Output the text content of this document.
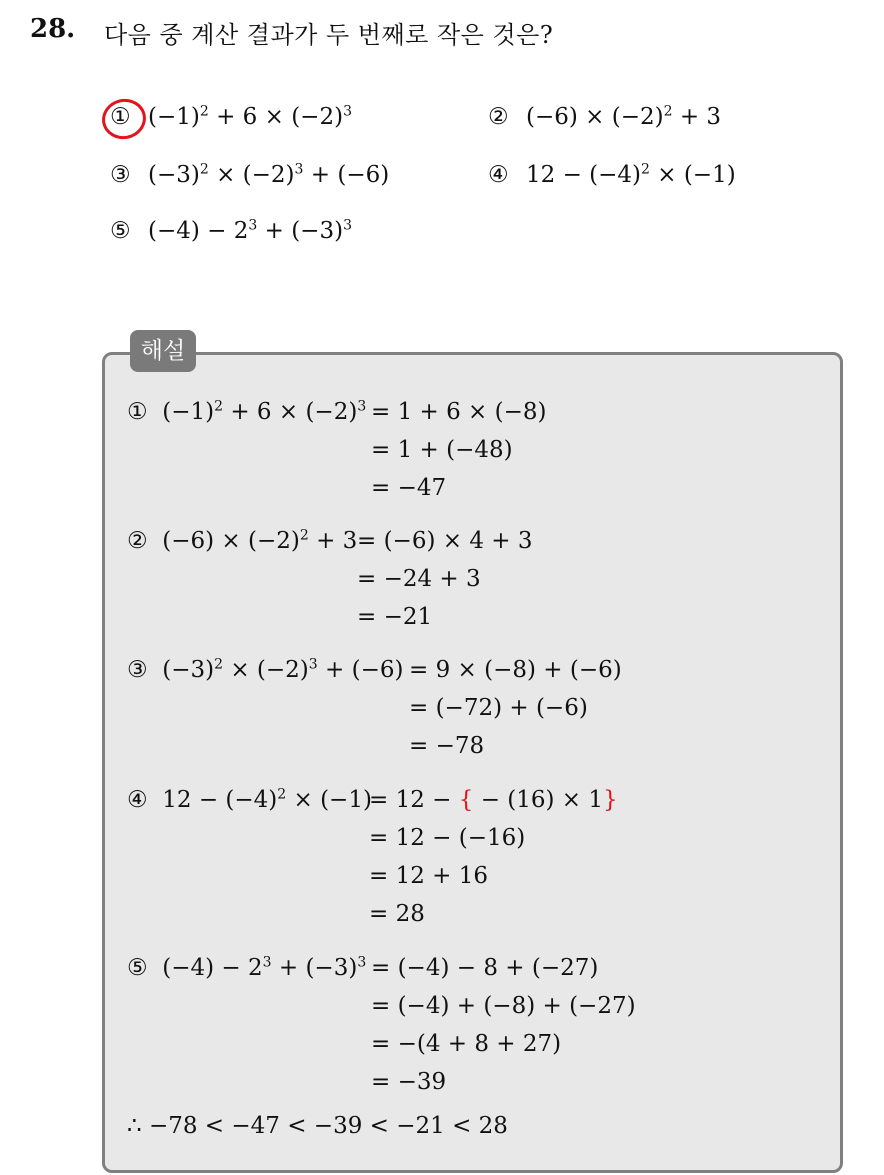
28. 다음 중 계산 결과가 두 번째로 작은 것은?
① $(-1)^2 + 6 \times (-2)^3$	② $(-6) \times (-2)^2 + 3$
③ $(-3)^2 \times (-2)^3 + (-6)$	④ $12 - (-4)^2 \times (-1)$
⑤ $(-4) - 2^3 + (-3)^3$
① $(-1)^2 + 6 \times (-2)^3 = 1 + 6 \times (-8)$
= 1 + (−48)
= −47
② $(-6) \times (-2)^2 + 3 = (-6) \times 4 + 3$
= −24 + 3
= −21
③ $(-3)^2 \times (-2)^3 + (-6) = 9 \times (-8) + (-6)$
= (−72) + (−6)
= −78
④ $12 - (-4)^2 \times (-1)$
= 12 − { − (16) × 1}
= 12 − (−16)
= 12 + 16
= 28
⑤ $(-4) - 2^3 + (-3)^3 = (-4) - 8 + (-27)$
= (−4) + (−8) + (−27)
= −(4 + 8 + 27)
= −39
∴ −78 < −47 < −39 < −21 < 28
해설
